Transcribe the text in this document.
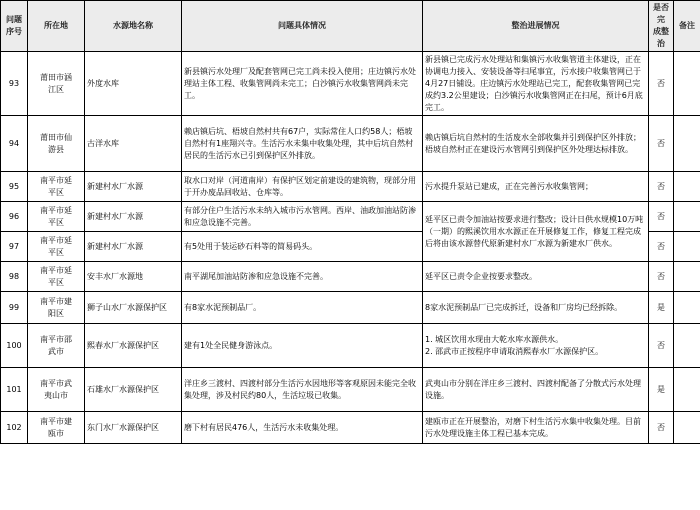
问题
序号	所在地	水源地名称	问题具体情况	整治进展情况	是否完
成整治	备注
93	莆田市涵
江区	外度水库	新县镇污水处理厂及配套管网已完工尚未投入使用；庄边镇污水处理站主体工程、收集管网尚未完工；白沙镇污水收集管网尚未完工。	新县镇已完成污水处理站和集镇污水收集管道主体建设，正在协调电力接入、安装设备等扫尾事宜，污水接户收集管网已于4月27日铺设。庄边镇污水处理站已完工，配套收集管网已完成约3.2公里建设；白沙镇污水收集管网正在扫尾，预计6月底完工。	否	
94	莆田市仙
游县	古洋水库	赖店镇后坑、梧坡自然村共有67户，实际常住人口约58人；梧坡自然村有1座翔兴寺。生活污水未集中收集处理，其中后坑自然村居民的生活污水已引到保护区外排放。	赖店镇后坑自然村的生活废水全部收集并引到保护区外排放；梧坡自然村正在建设污水管网引到保护区外处理达标排放。	否	
95	南平市延
平区	新建村水厂水源	取水口对岸（河道南岸）有保护区划定前建设的建筑物，现部分用于开办废品回收站、仓库等。	污水提升泵站已建成，正在完善污水收集管网；	否	
96	南平市延
平区	新建村水厂水源	有部分住户生活污水未纳入城市污水管网。西岸、油政加油站防渗和应急设施不完善。	延平区已责令加油站按要求进行整改；设计日供水规模10万吨（一期）的熙溪饮用水水源正在开展修复工作，修复工程完成后将由该水源替代原新建村水厂水源为新建水厂供水。	否	
97	南平市延
平区	新建村水厂水源	有5处用于装运砂石料等的简易码头。		否	
98	南平市延
平区	安丰水厂水源地	南平湖尾加油站防渗和应急设施不完善。	延平区已责令企业按要求整改。	否	
99	南平市建
阳区	狮子山水厂水源保护区	有8家水泥预制品厂。	8家水泥预制品厂已完成拆迁，设备和厂房均已经拆除。	是	
100	南平市邵
武市	熙春水厂水源保护区	建有1处全民健身游泳点。	1. 城区饮用水现由大乾水库水源供水。
2. 邵武市正按程序申请取消熙春水厂水源保护区。	否	
101	南平市武
夷山市	石雄水厂水源保护区	洋庄乡三渡村、四渡村部分生活污水因地形等客观原因未能完全收集处理，涉及村民约80人，生活垃圾已收集。	武夷山市分别在洋庄乡三渡村、四渡村配备了分散式污水处理设施。	是	
102	南平市建
瓯市	东门水厂水源保护区	磨下村有居民476人，生活污水未收集处理。	建瓯市正在开展整治，对磨下村生活污水集中收集处理。目前污水处理设施主体工程已基本完成。	否	
